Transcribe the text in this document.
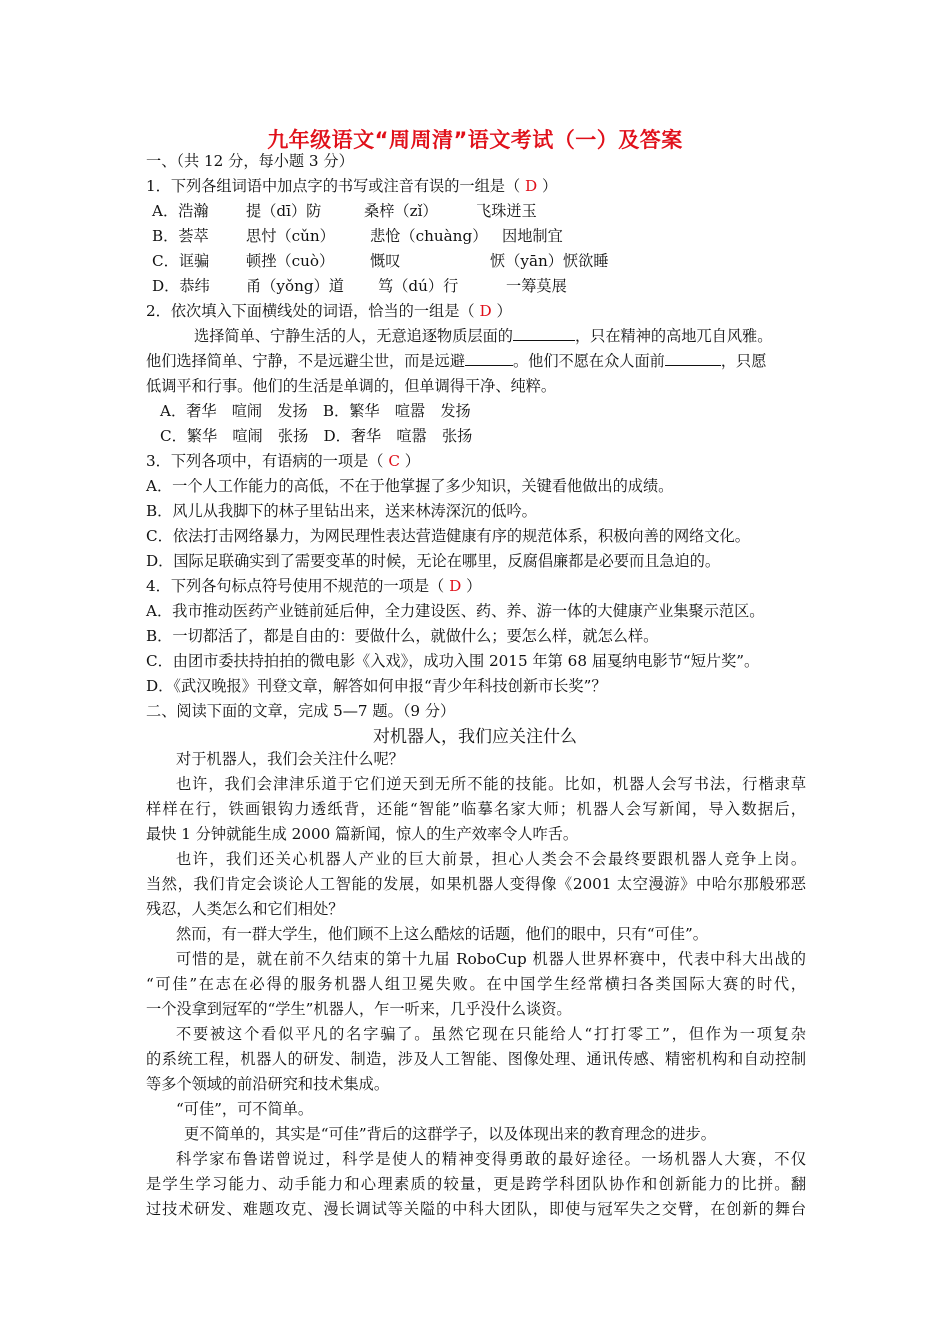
九年级语文“周周清”语文考试（一）及答案
一、（共 12 分，每小题 3 分）
1．下列各组词语中加点字的书写或注音有误的一组是（ D ）
A．浩瀚 提（dī）防	桑梓（zǐ）	飞珠迸玉
B．荟萃 思忖（cǔn） 悲怆（chuàng） 因地制宜
C．诓骗 顿挫（cuò） 慨叹	恹（yān）恹欲睡
D．恭纬 甬（yǒng）道 笃（dú）行	一筹莫展
2．依次填入下面横线处的词语，恰当的一组是（ D ）
选择简单、宁静生活的人，无意追逐物质层面的	，只在精神的高地兀自风雅。
他们选择简单、宁静，不是远避尘世，而是远避	。他们不愿在众人面前	，只愿
低调平和行事。他们的生活是单调的，但单调得干净、纯粹。
A．奢华　喧闹　发扬　B．繁华　喧嚣　发扬
C．繁华　喧闹　张扬　D．奢华　喧嚣　张扬
3．下列各项中，有语病的一项是（ C ）
A．一个人工作能力的高低，不在于他掌握了多少知识，关键看他做出的成绩。
B．风儿从我脚下的林子里钻出来，送来林涛深沉的低吟。
C．依法打击网络暴力，为网民理性表达营造健康有序的规范体系，积极向善的网络文化。
D．国际足联确实到了需要变革的时候，无论在哪里，反腐倡廉都是必要而且急迫的。
4．下列各句标点符号使用不规范的一项是（ D ）
A．我市推动医药产业链前延后伸，全力建设医、药、养、游一体的大健康产业集聚示范区。
B．一切都活了，都是自由的：要做什么，就做什么；要怎么样，就怎么样。
C．由团市委扶持拍拍的微电影《入戏》，成功入围 2015 年第 68 届戛纳电影节“短片奖”。
D．《武汉晚报》刊登文章，解答如何申报“青少年科技创新市长奖”？
二、阅读下面的文章，完成 5—7 题。（9 分）
对机器人，我们应关注什么
对于机器人，我们会关注什么呢？
也许，我们会津津乐道于它们逆天到无所不能的技能。比如，机器人会写书法，行楷隶草
样样在行，铁画银钩力透纸背，还能“智能”临摹名家大师；机器人会写新闻，导入数据后，
最快 1 分钟就能生成 2000 篇新闻，惊人的生产效率令人咋舌。
也许，我们还关心机器人产业的巨大前景，担心人类会不会最终要跟机器人竞争上岗。
当然，我们肯定会谈论人工智能的发展，如果机器人变得像《2001 太空漫游》中哈尔那般邪恶
残忍，人类怎么和它们相处？
然而，有一群大学生，他们顾不上这么酷炫的话题，他们的眼中，只有“可佳”。
可惜的是，就在前不久结束的第十九届 RoboCup 机器人世界杯赛中，代表中科大出战的
“可佳”在志在必得的服务机器人组卫冕失败。在中国学生经常横扫各类国际大赛的时代，
一个没拿到冠军的“学生”机器人，乍一听来，几乎没什么谈资。
不要被这个看似平凡的名字骗了。虽然它现在只能给人“打打零工”，但作为一项复杂
的系统工程，机器人的研发、制造，涉及人工智能、图像处理、通讯传感、精密机构和自动控制
等多个领域的前沿研究和技术集成。
“可佳”，可不简单。
更不简单的，其实是“可佳”背后的这群学子，以及体现出来的教育理念的进步。
科学家布鲁诺曾说过，科学是使人的精神变得勇敢的最好途径。一场机器人大赛，不仅
是学生学习能力、动手能力和心理素质的较量，更是跨学科团队协作和创新能力的比拼。翻
过技术研发、难题攻克、漫长调试等关隘的中科大团队，即使与冠军失之交臂，在创新的舞台
